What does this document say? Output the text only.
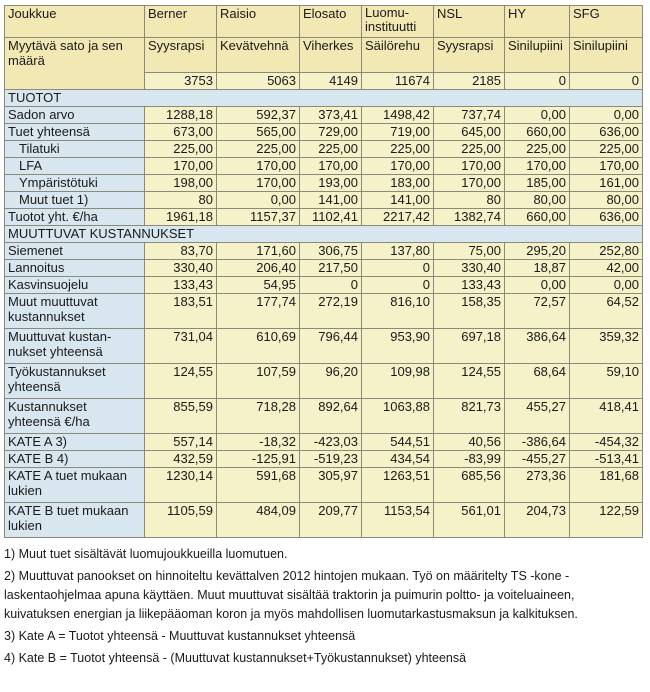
Joukkue	Berner	Raisio	Elosato	Luomu-instituutti	NSL	HY	SFG
Myytävä sato ja sen määrä	Syysrapsi	Kevätvehnä	Viherkes	Säilörehu	Syysrapsi	Sinilupiini	Sinilupiini
	3753	5063	4149	11674	2185	0	0
TUOTOT							
Sadon arvo	1288,18	592,37	373,41	1498,42	737,74	0,00	0,00
Tuet yhteensä	673,00	565,00	729,00	719,00	645,00	660,00	636,00
Tilatuki	225,00	225,00	225,00	225,00	225,00	225,00	225,00
LFA	170,00	170,00	170,00	170,00	170,00	170,00	170,00
Ympäristötuki	198,00	170,00	193,00	183,00	170,00	185,00	161,00
Muut tuet 1)	80	0,00	141,00	141,00	80	80,00	80,00
Tuotot yht. €/ha	1961,18	1157,37	1102,41	2217,42	1382,74	660,00	636,00
MUUTTUVAT KUSTANNUKSET							
Siemenet	83,70	171,60	306,75	137,80	75,00	295,20	252,80
Lannoitus	330,40	206,40	217,50	0	330,40	18,87	42,00
Kasvinsuojelu	133,43	54,95	0	0	133,43	0,00	0,00
Muut muuttuvat kustannukset	183,51	177,74	272,19	816,10	158,35	72,57	64,52
Muuttuvat kustan-nukset yhteensä	731,04	610,69	796,44	953,90	697,18	386,64	359,32
Työkustannukset yhteensä	124,55	107,59	96,20	109,98	124,55	68,64	59,10
Kustannukset yhteensä €/ha	855,59	718,28	892,64	1063,88	821,73	455,27	418,41
KATE A 3)	557,14	-18,32	-423,03	544,51	40,56	-386,64	-454,32
KATE B 4)	432,59	-125,91	-519,23	434,54	-83,99	-455,27	-513,41
KATE A tuet mukaan lukien	1230,14	591,68	305,97	1263,51	685,56	273,36	181,68
KATE B tuet mukaan lukien	1105,59	484,09	209,77	1153,54	561,01	204,73	122,59

1) Muut tuet sisältävät luomujoukkueilla luomutuen.

2) Muuttuvat panookset on hinnoiteltu kevättalven 2012 hintojen mukaan. Työ on määritelty TS -kone -laskentaohjelmaa apuna käyttäen. Muut muuttuvat sisältää traktorin ja puimurin poltto- ja voiteluaineen, kuivatuksen energian ja liikepääoman koron ja myös mahdollisen luomutarkastusmaksun ja kalkituksen.

3) Kate A = Tuotot yhteensä - Muuttuvat kustannukset yhteensä

4) Kate B = Tuotot yhteensä - (Muuttuvat kustannukset+Työkustannukset) yhteensä
